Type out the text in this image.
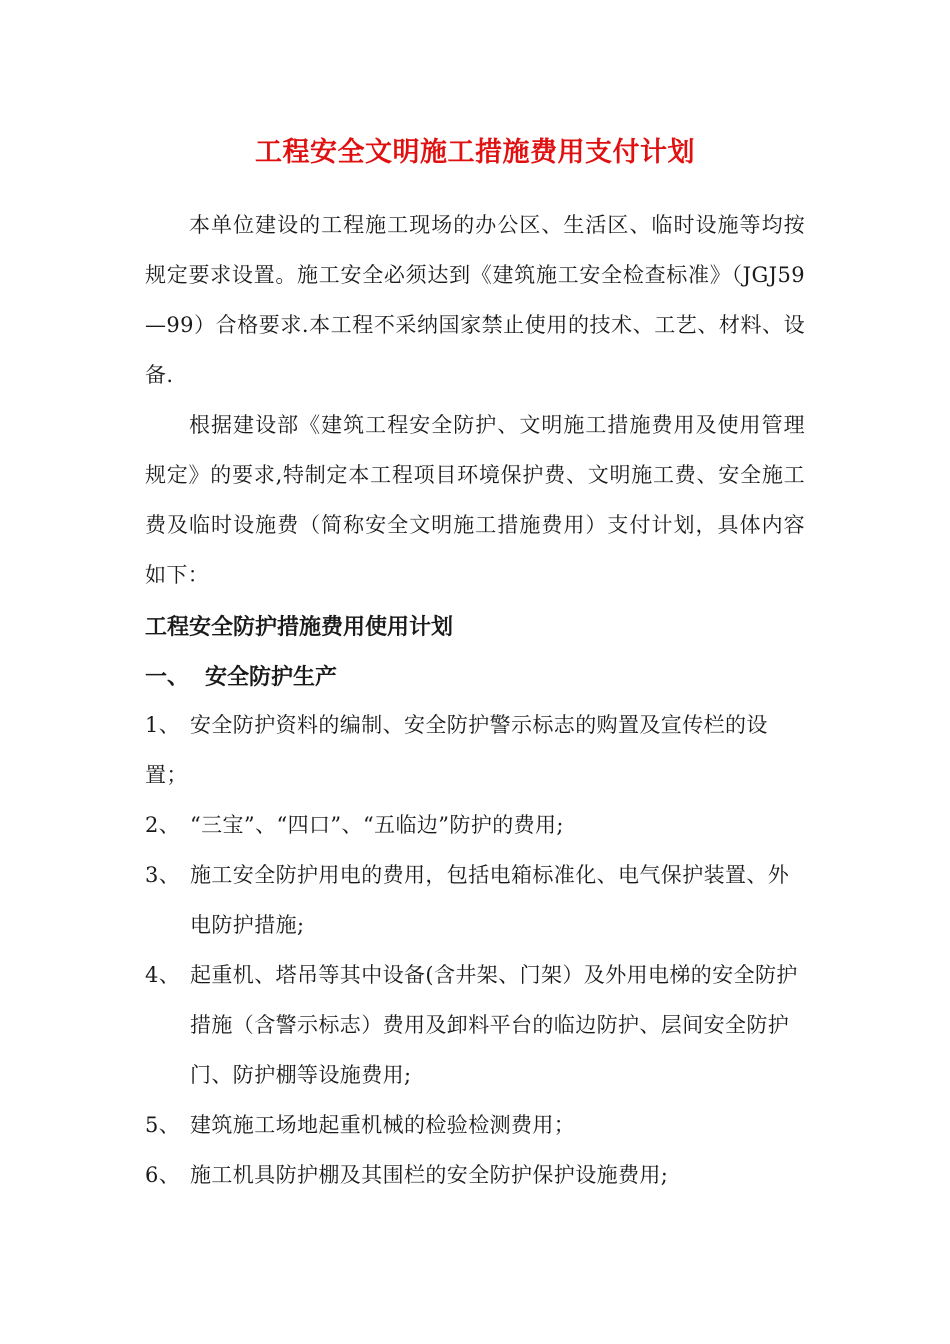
工程安全文明施工措施费用支付计划
本单位建设的工程施工现场的办公区、生活区、临时设施等均按规定要求设置。施工安全必须达到《建筑施工安全检查标准》（JGJ59—99）合格要求.本工程不采纳国家禁止使用的技术、工艺、材料、设备.
根据建设部《建筑工程安全防护、文明施工措施费用及使用管理规定》的要求,特制定本工程项目环境保护费、文明施工费、安全施工费及临时设施费（简称安全文明施工措施费用）支付计划，具体内容如下：
工程安全防护措施费用使用计划
一、 安全防护生产
1、 安全防护资料的编制、安全防护警示标志的购置及宣传栏的设置；
2、 “三宝”、“四口”、“五临边”防护的费用;
3、 施工安全防护用电的费用，包括电箱标准化、电气保护装置、外电防护措施;
4、 起重机、塔吊等其中设备(含井架、门架）及外用电梯的安全防护措施（含警示标志）费用及卸料平台的临边防护、层间安全防护门、防护棚等设施费用;
5、 建筑施工场地起重机械的检验检测费用；
6、 施工机具防护棚及其围栏的安全防护保护设施费用;
